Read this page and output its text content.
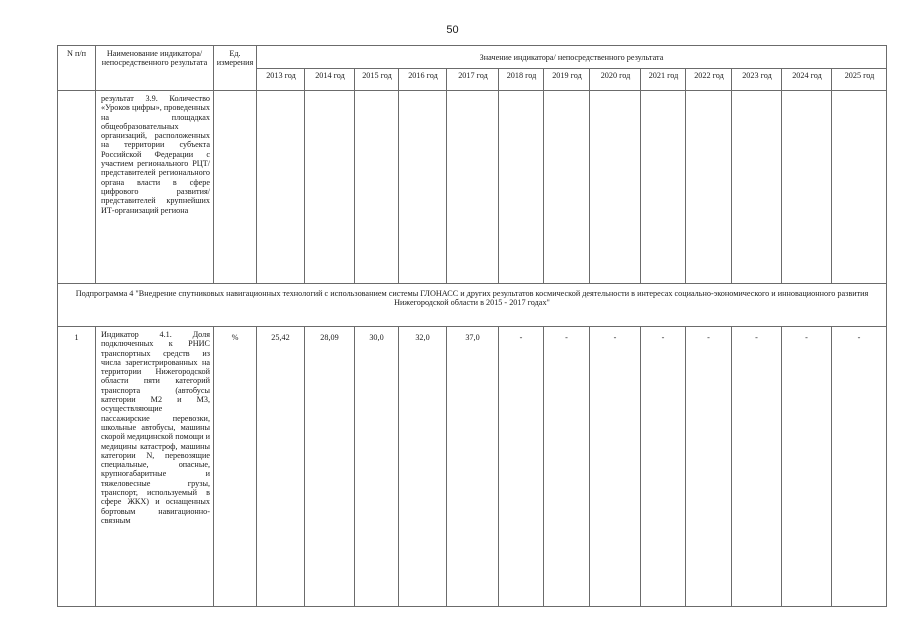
50
N п/п	Наименование индикатора/непосредственного результата	Ед. измерения	Значение индикатора/ непосредственного результата												
			2013 год	2014 год	2015 год	2016 год	2017 год	2018 год	2019 год	2020 год	2021 год	2022 год	2023 год	2024 год	2025 год
	результат 3.9. Количество «Уроков цифры», проведенных на площадках общеобразовательных организаций, расположенных на территории субъекта Российской Федерации с участием регионального РЦТ/ представителей регионального органа власти в сфере цифрового развития/ представителей крупнейших ИТ-организаций региона														
Подпрограмма 4 "Внедрение спутниковых навигационных технологий с использованием системы ГЛОНАСС и других результатов космической деятельности в интересах социально-экономического и инновационного развития Нижегородской области в 2015 - 2017 годах"															
1	Индикатор 4.1. Доля подключенных к РНИС транспортных средств из числа зарегистрированных на территории Нижегородской области пяти категорий транспорта (автобусы категории М2 и М3, осуществляющие пассажирские перевозки, школьные автобусы, машины скорой медицинской помощи и медицины катастроф, машины категории N, перевозящие специальные, опасные, крупногабаритные и тяжеловесные грузы, транспорт, используемый в сфере ЖКХ) и оснащенных бортовым навигационно-связным	%	25,42	28,09	30,0	32,0	37,0	-	-	-	-	-	-	-	-
